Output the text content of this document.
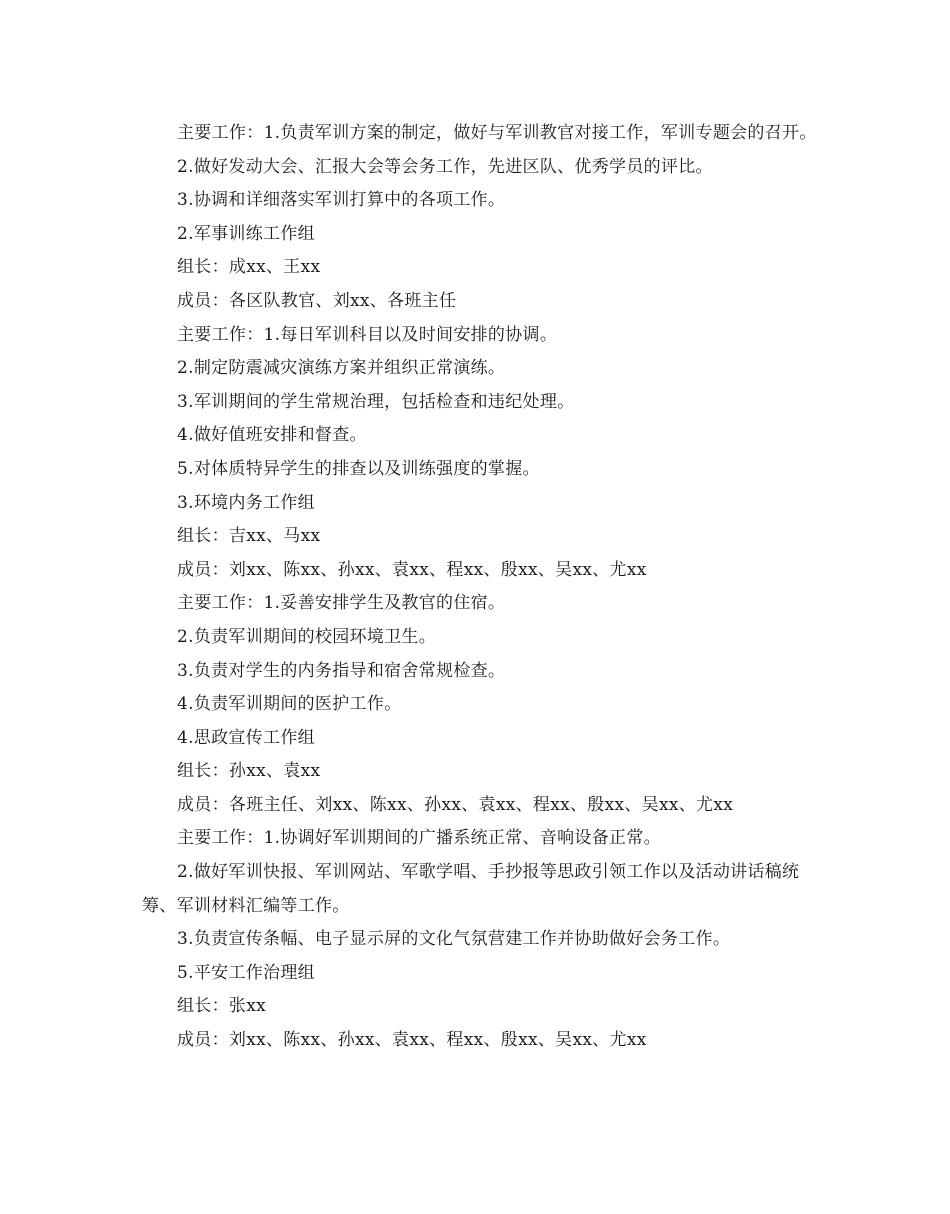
主要工作：1.负责军训方案的制定，做好与军训教官对接工作，军训专题会的召开。

2.做好发动大会、汇报大会等会务工作，先进区队、优秀学员的评比。

3.协调和详细落实军训打算中的各项工作。

2.军事训练工作组

组长：成xx、王xx

成员：各区队教官、刘xx、各班主任

主要工作：1.每日军训科目以及时间安排的协调。

2.制定防震减灾演练方案并组织正常演练。

3.军训期间的学生常规治理，包括检查和违纪处理。

4.做好值班安排和督查。

5.对体质特异学生的排查以及训练强度的掌握。

3.环境内务工作组

组长：吉xx、马xx

成员：刘xx、陈xx、孙xx、袁xx、程xx、殷xx、吴xx、尤xx

主要工作：1.妥善安排学生及教官的住宿。

2.负责军训期间的校园环境卫生。

3.负责对学生的内务指导和宿舍常规检查。

4.负责军训期间的医护工作。

4.思政宣传工作组

组长：孙xx、袁xx

成员：各班主任、刘xx、陈xx、孙xx、袁xx、程xx、殷xx、吴xx、尤xx

主要工作：1.协调好军训期间的广播系统正常、音响设备正常。

2.做好军训快报、军训网站、军歌学唱、手抄报等思政引领工作以及活动讲话稿统筹、军训材料汇编等工作。

3.负责宣传条幅、电子显示屏的文化气氛营建工作并协助做好会务工作。

5.平安工作治理组

组长：张xx

成员：刘xx、陈xx、孙xx、袁xx、程xx、殷xx、吴xx、尤xx
